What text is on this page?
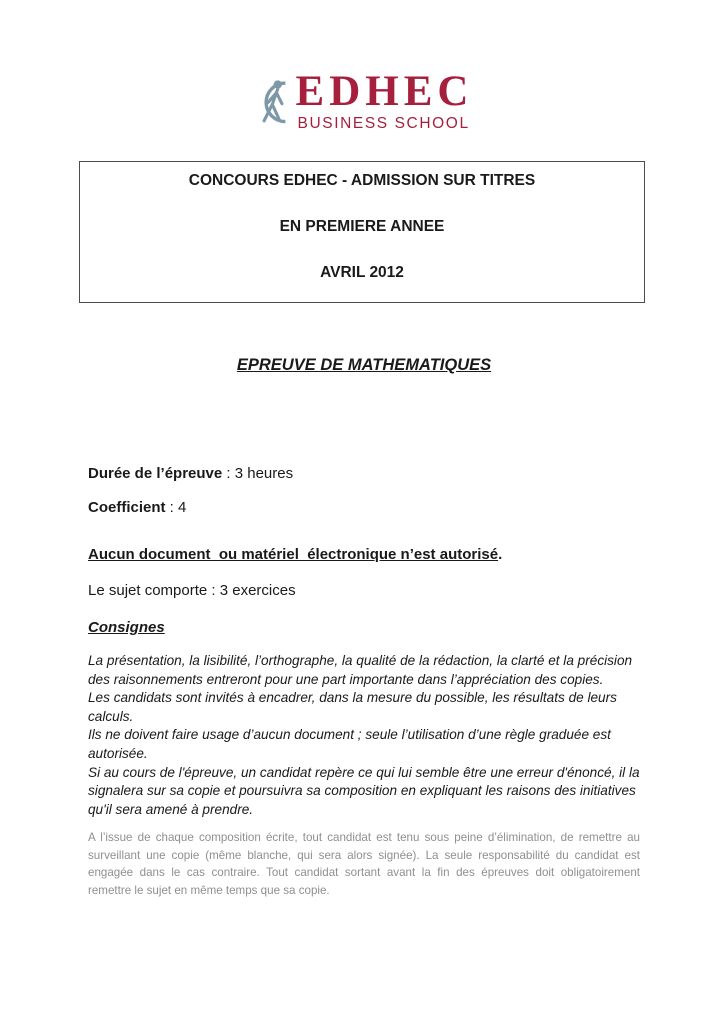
EDHEC
BUSINESS SCHOOL

CONCOURS EDHEC - ADMISSION SUR TITRES

EN PREMIERE ANNEE

AVRIL 2012

EPREUVE DE MATHEMATIQUES

Durée de l’épreuve : 3 heures

Coefficient : 4

Aucun document  ou matériel  électronique n’est autorisé.

Le sujet comporte : 3 exercices

Consignes

La présentation, la lisibilité, l’orthographe, la qualité de la rédaction, la clarté et la précision des raisonnements entreront pour une part importante dans l’appréciation des copies.

Les candidats sont invités à encadrer, dans la mesure du possible, les résultats de leurs calculs.

Ils ne doivent faire usage d’aucun document ; seule l’utilisation d’une règle graduée est autorisée.

Si au cours de l'épreuve, un candidat repère ce qui lui semble être une erreur d'énoncé, il la signalera sur sa copie et poursuivra sa composition en expliquant les raisons des initiatives qu'il sera amené à prendre.

A l’issue de chaque composition écrite, tout candidat est tenu sous peine d’élimination, de remettre au surveillant une copie (même blanche, qui sera alors signée). La seule responsabilité du candidat est engagée dans le cas contraire. Tout candidat sortant avant la fin des épreuves doit obligatoirement remettre le sujet en même temps que sa copie.
